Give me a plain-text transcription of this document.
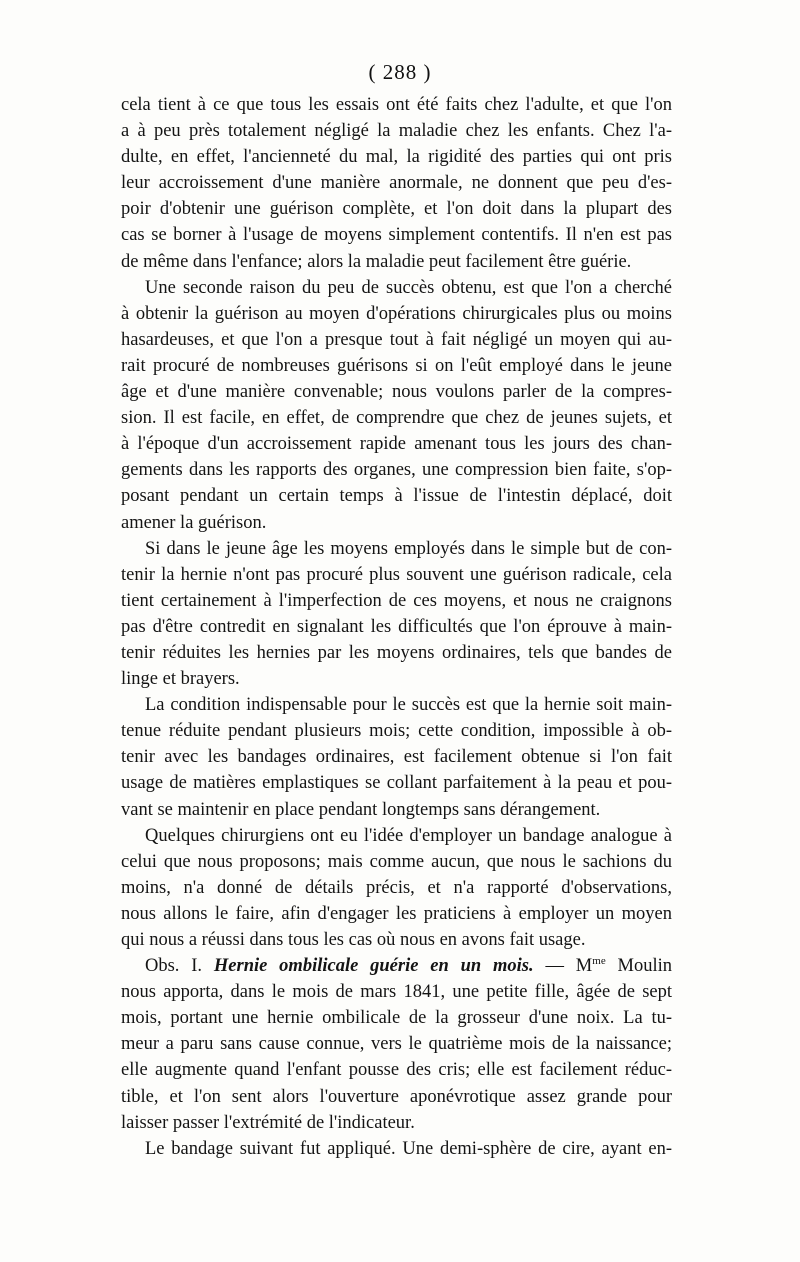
( 288 )

cela tient à ce que tous les essais ont été faits chez l'adulte, et que l'on
a à peu près totalement négligé la maladie chez les enfants. Chez l'a-
dulte, en effet, l'ancienneté du mal, la rigidité des parties qui ont pris
leur accroissement d'une manière anormale, ne donnent que peu d'es-
poir d'obtenir une guérison complète, et l'on doit dans la plupart des
cas se borner à l'usage de moyens simplement contentifs. Il n'en est pas
de même dans l'enfance; alors la maladie peut facilement être guérie.

Une seconde raison du peu de succès obtenu, est que l'on a cherché
à obtenir la guérison au moyen d'opérations chirurgicales plus ou moins
hasardeuses, et que l'on a presque tout à fait négligé un moyen qui au-
rait procuré de nombreuses guérisons si on l'eût employé dans le jeune
âge et d'une manière convenable; nous voulons parler de la compres-
sion. Il est facile, en effet, de comprendre que chez de jeunes sujets, et
à l'époque d'un accroissement rapide amenant tous les jours des chan-
gements dans les rapports des organes, une compression bien faite, s'op-
posant pendant un certain temps à l'issue de l'intestin déplacé, doit
amener la guérison.

Si dans le jeune âge les moyens employés dans le simple but de con-
tenir la hernie n'ont pas procuré plus souvent une guérison radicale, cela
tient certainement à l'imperfection de ces moyens, et nous ne craignons
pas d'être contredit en signalant les difficultés que l'on éprouve à main-
tenir réduites les hernies par les moyens ordinaires, tels que bandes de
linge et brayers.

La condition indispensable pour le succès est que la hernie soit main-
tenue réduite pendant plusieurs mois; cette condition, impossible à ob-
tenir avec les bandages ordinaires, est facilement obtenue si l'on fait
usage de matières emplastiques se collant parfaitement à la peau et pou-
vant se maintenir en place pendant longtemps sans dérangement.

Quelques chirurgiens ont eu l'idée d'employer un bandage analogue à
celui que nous proposons; mais comme aucun, que nous le sachions du
moins, n'a donné de détails précis, et n'a rapporté d'observations,
nous allons le faire, afin d'engager les praticiens à employer un moyen
qui nous a réussi dans tous les cas où nous en avons fait usage.

Obs. I. Hernie ombilicale guérie en un mois. — $M^{me}$ Moulin
nous apporta, dans le mois de mars 1841, une petite fille, âgée de sept
mois, portant une hernie ombilicale de la grosseur d'une noix. La tu-
meur a paru sans cause connue, vers le quatrième mois de la naissance;
elle augmente quand l'enfant pousse des cris; elle est facilement réduc-
tible, et l'on sent alors l'ouverture aponévrotique assez grande pour
laisser passer l'extrémité de l'indicateur.

Le bandage suivant fut appliqué. Une demi-sphère de cire, ayant en-
